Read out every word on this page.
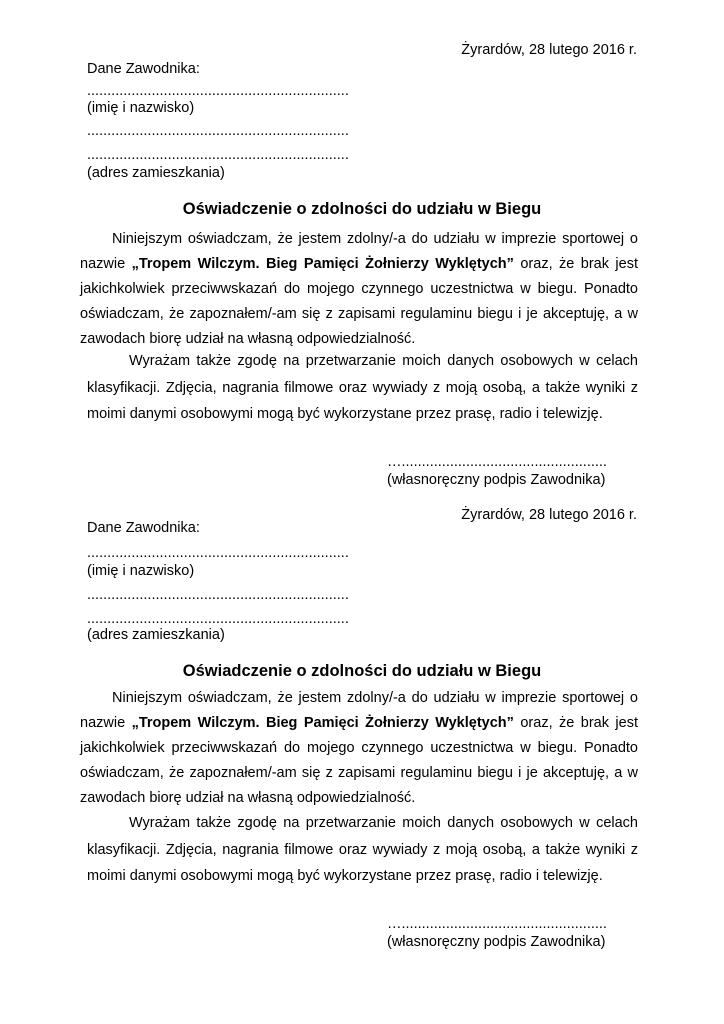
Żyrardów, 28 lutego 2016 r.
Dane Zawodnika:
.................................................................
(imię i nazwisko)
.................................................................
.................................................................
(adres zamieszkania)
Oświadczenie o zdolności do udziału w Biegu

Niniejszym oświadczam, że jestem zdolny/-a do udziału w imprezie sportowej o nazwie „Tropem Wilczym. Bieg Pamięci Żołnierzy Wyklętych” oraz, że brak jest jakichkolwiek przeciwwskazań do mojego czynnego uczestnictwa w biegu. Ponadto oświadczam, że zapoznałem/-am się z zapisami regulaminu biegu i je akceptuję, a w zawodach biorę udział na własną odpowiedzialność.

Wyrażam także zgodę na przetwarzanie moich danych osobowych w celach klasyfikacji. Zdjęcia, nagrania filmowe oraz wywiady z moją osobą, a także wyniki z moimi danymi osobowymi mogą być wykorzystane przez prasę, radio i telewizję.

…...................................................
(własnoręczny podpis Zawodnika)
Żyrardów, 28 lutego 2016 r.
Dane Zawodnika:
.................................................................
(imię i nazwisko)
.................................................................
.................................................................
(adres zamieszkania)
Oświadczenie o zdolności do udziału w Biegu

Niniejszym oświadczam, że jestem zdolny/-a do udziału w imprezie sportowej o nazwie „Tropem Wilczym. Bieg Pamięci Żołnierzy Wyklętych” oraz, że brak jest jakichkolwiek przeciwwskazań do mojego czynnego uczestnictwa w biegu. Ponadto oświadczam, że zapoznałem/-am się z zapisami regulaminu biegu i je akceptuję, a w zawodach biorę udział na własną odpowiedzialność.

Wyrażam także zgodę na przetwarzanie moich danych osobowych w celach klasyfikacji. Zdjęcia, nagrania filmowe oraz wywiady z moją osobą, a także wyniki z moimi danymi osobowymi mogą być wykorzystane przez prasę, radio i telewizję.

…...................................................
(własnoręczny podpis Zawodnika)
